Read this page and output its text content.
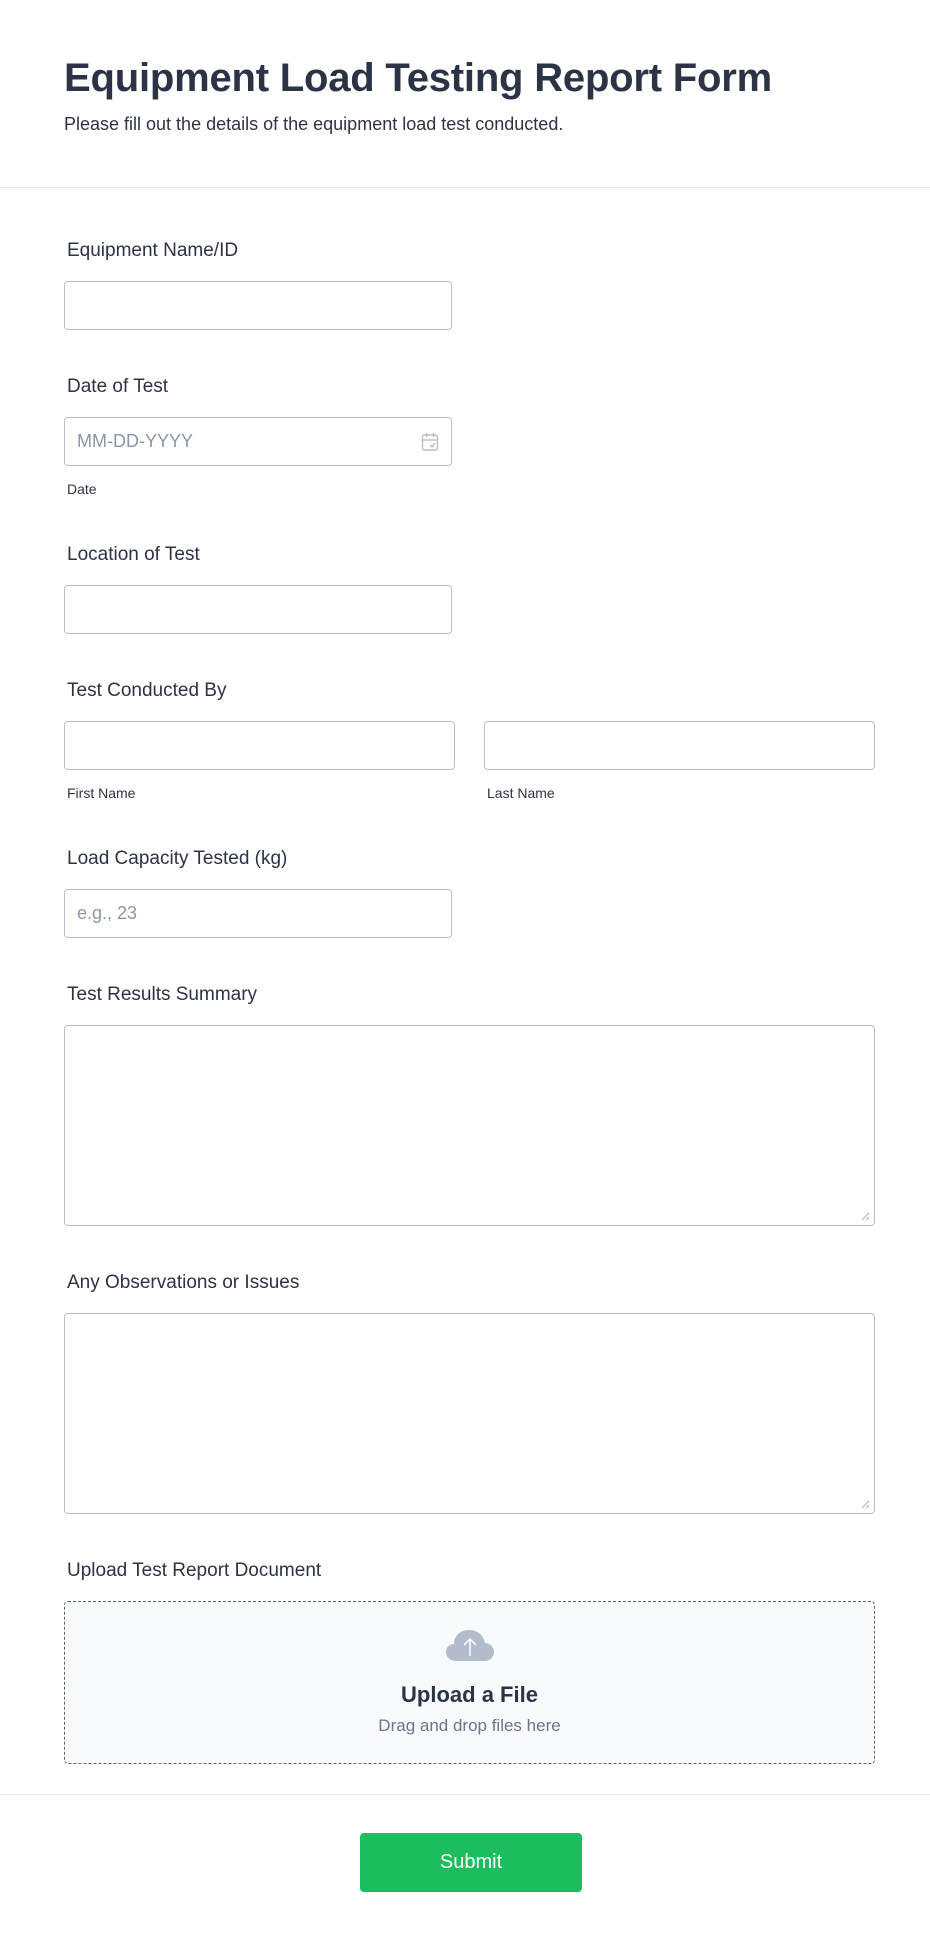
Equipment Load Testing Report Form
Please fill out the details of the equipment load test conducted.
Equipment Name/ID
Date of Test
MM-DD-YYYY
Date
Location of Test
Test Conducted By
First Name	Last Name
Load Capacity Tested (kg)
e.g., 23
Test Results Summary
Any Observations or Issues
Upload Test Report Document
Upload a File
Drag and drop files here
Submit
